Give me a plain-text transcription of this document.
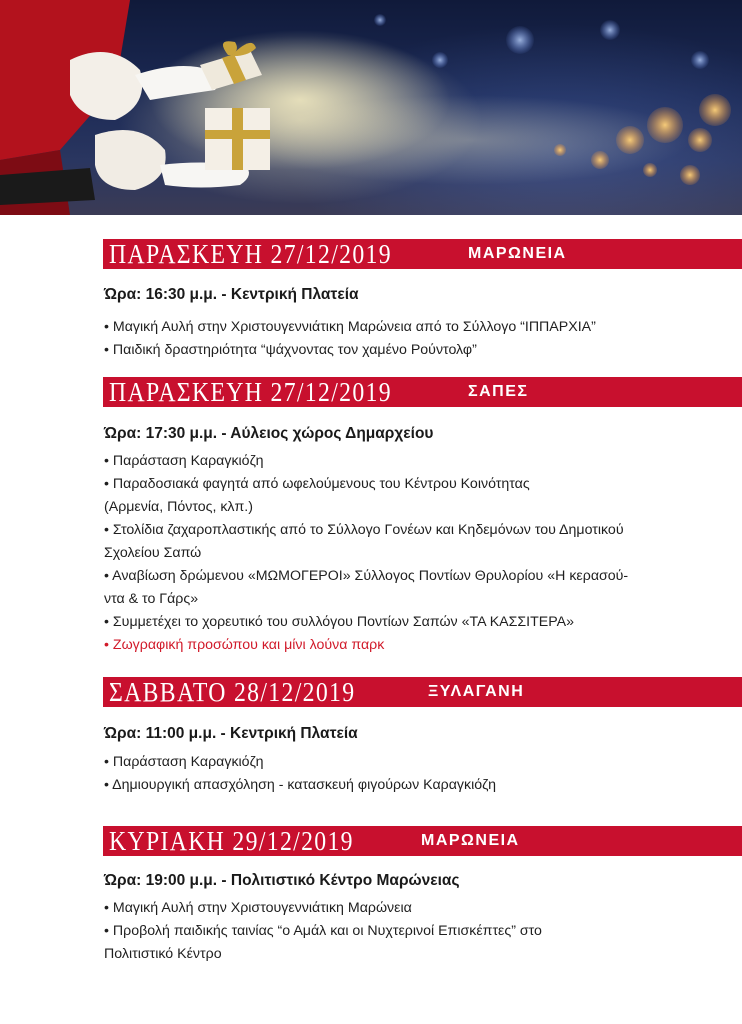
ΠΑΡΑΣΚΕΥΗ 27/12/2019	ΜΑΡΩΝΕΙΑ
Ώρα: 16:30 μ.μ. - Κεντρική Πλατεία
• Μαγική Αυλή στην Χριστουγεννιάτικη Μαρώνεια από το Σύλλογο “ΙΠΠΑΡΧΙΑ”
• Παιδική δραστηριότητα “ψάχνοντας τον χαμένο Ρούντολφ”
ΠΑΡΑΣΚΕΥΗ 27/12/2019	ΣΑΠΕΣ
Ώρα: 17:30 μ.μ. - Αύλειος χώρος Δημαρχείου
• Παράσταση Καραγκιόζη
• Παραδοσιακά φαγητά από ωφελούμενους του Κέντρου Κοινότητας
(Αρμενία, Πόντος, κλπ.)
• Στολίδια ζαχαροπλαστικής από το Σύλλογο Γονέων και Κηδεμόνων του Δημοτικού
Σχολείου Σαπώ
• Αναβίωση δρώμενου «ΜΩΜΟΓΕΡΟΙ» Σύλλογος Ποντίων Θρυλορίου «Η κερασού-
ντα & το Γάρς»
• Συμμετέχει το χορευτικό του συλλόγου Ποντίων Σαπών «ΤΑ ΚΑΣΣΙΤΕΡΑ»
• Ζωγραφική προσώπου και μίνι λούνα παρκ
ΣΑΒΒΑΤΟ 28/12/2019	ΞΥΛΑΓΑΝΗ
Ώρα: 11:00 μ.μ. - Κεντρική Πλατεία
• Παράσταση Καραγκιόζη
• Δημιουργική απασχόληση - κατασκευή φιγούρων Καραγκιόζη
ΚΥΡΙΑΚΗ 29/12/2019	ΜΑΡΩΝΕΙΑ
Ώρα: 19:00 μ.μ. - Πολιτιστικό Κέντρο Μαρώνειας
• Μαγική Αυλή στην Χριστουγεννιάτικη Μαρώνεια
• Προβολή παιδικής ταινίας “ο Αμάλ και οι Νυχτερινοί Επισκέπτες” στο
Πολιτιστικό Κέντρο
